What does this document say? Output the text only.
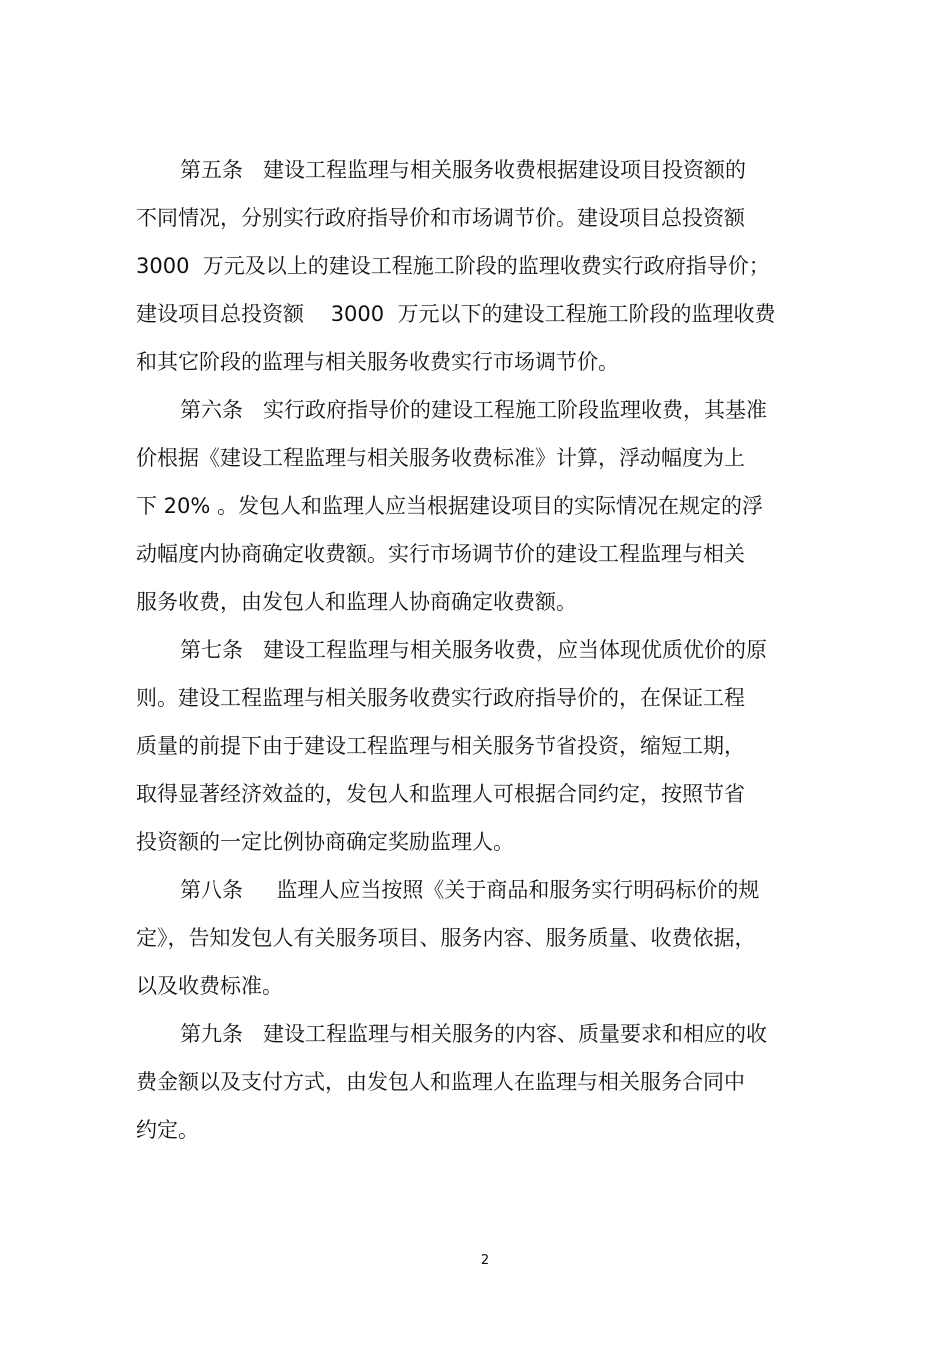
第五条   建设工程监理与相关服务收费根据建设项目投资额的
不同情况，分别实行政府指导价和市场调节价。建设项目总投资额
3000  万元及以上的建设工程施工阶段的监理收费实行政府指导价；
建设项目总投资额    3000  万元以下的建设工程施工阶段的监理收费
和其它阶段的监理与相关服务收费实行市场调节价。
第六条   实行政府指导价的建设工程施工阶段监理收费，其基准
价根据《建设工程监理与相关服务收费标准》计算，浮动幅度为上
下 20% 。发包人和监理人应当根据建设项目的实际情况在规定的浮
动幅度内协商确定收费额。实行市场调节价的建设工程监理与相关
服务收费，由发包人和监理人协商确定收费额。
第七条   建设工程监理与相关服务收费，应当体现优质优价的原
则。建设工程监理与相关服务收费实行政府指导价的，在保证工程
质量的前提下由于建设工程监理与相关服务节省投资，缩短工期，
取得显著经济效益的，发包人和监理人可根据合同约定，按照节省
投资额的一定比例协商确定奖励监理人。
第八条     监理人应当按照《关于商品和服务实行明码标价的规
定》，告知发包人有关服务项目、服务内容、服务质量、收费依据，
以及收费标准。
第九条   建设工程监理与相关服务的内容、质量要求和相应的收
费金额以及支付方式，由发包人和监理人在监理与相关服务合同中
约定。
2
